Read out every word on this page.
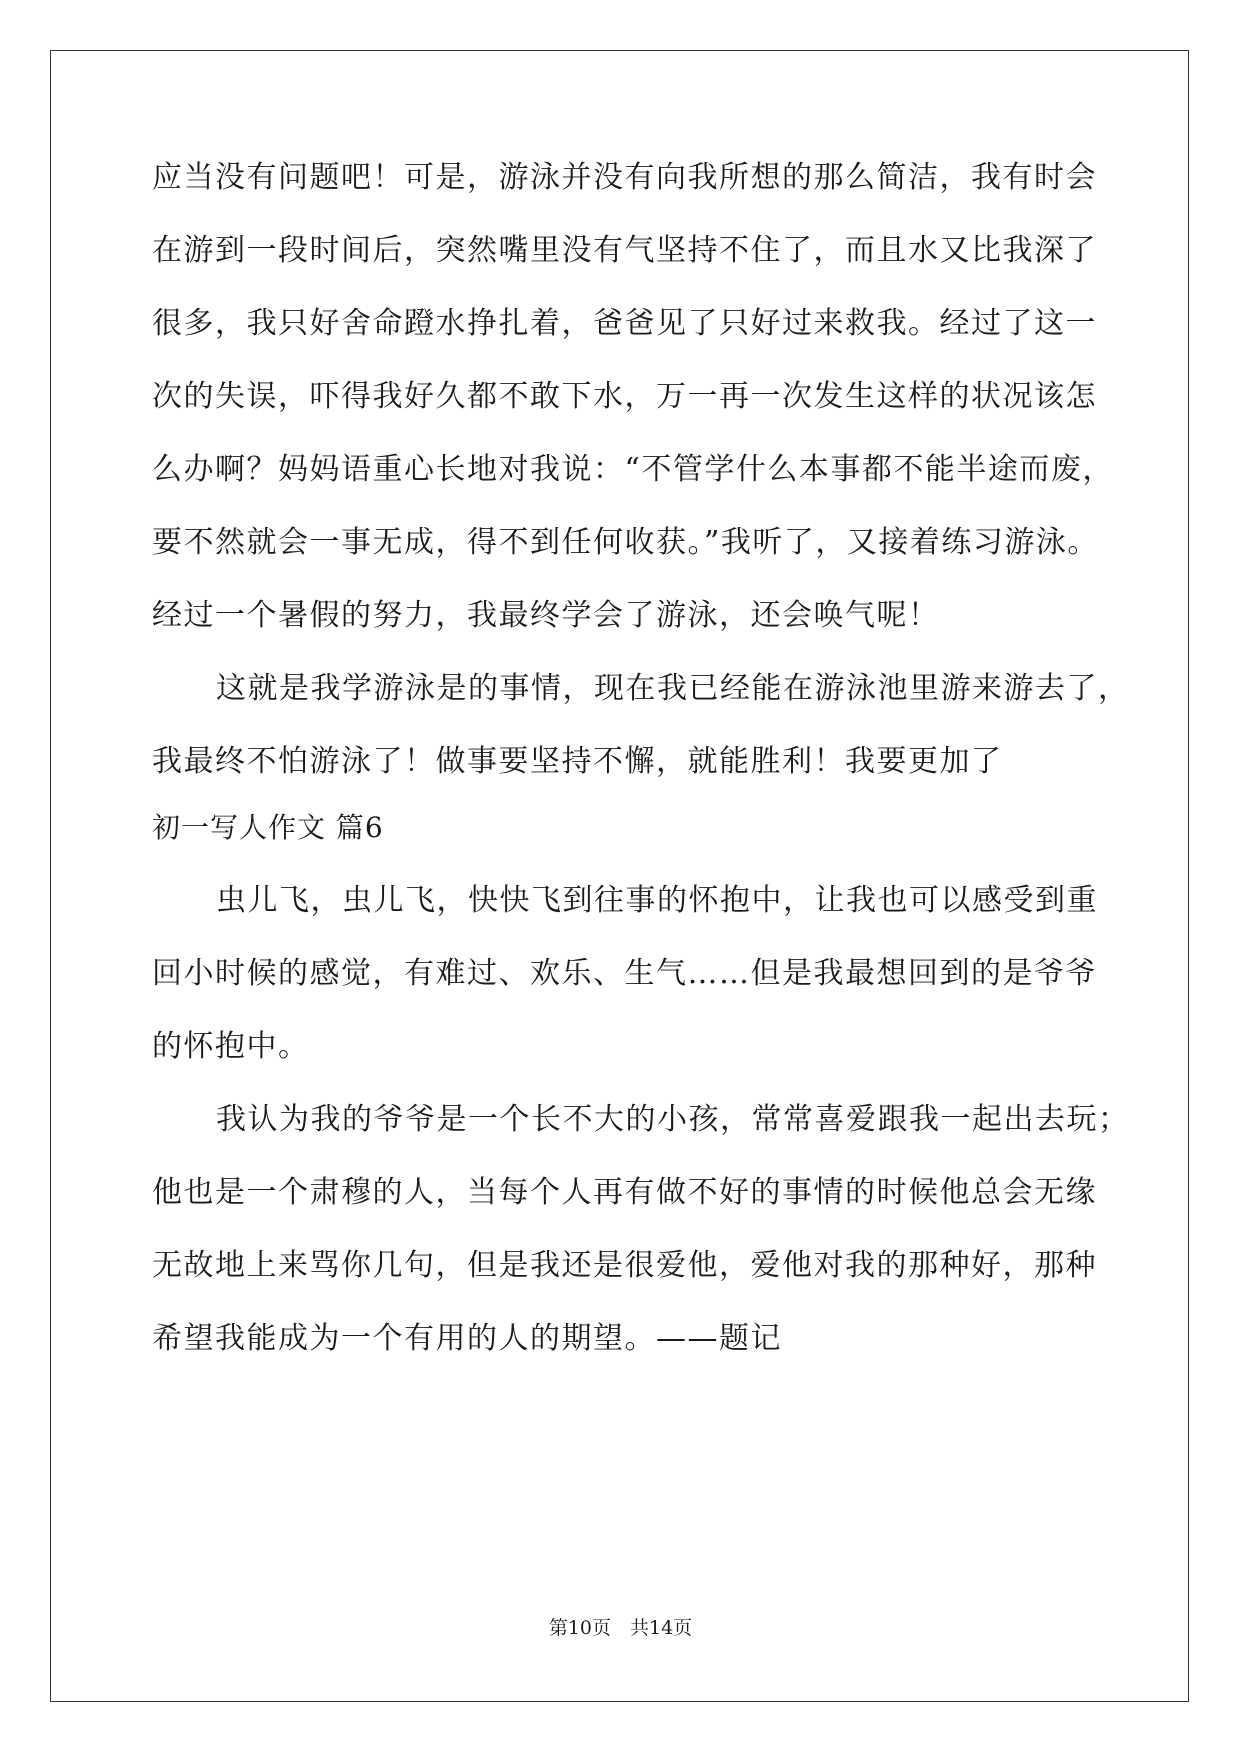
应当没有问题吧！可是，游泳并没有向我所想的那么简洁，我有时会
在游到一段时间后，突然嘴里没有气坚持不住了，而且水又比我深了
很多，我只好舍命蹬水挣扎着，爸爸见了只好过来救我。经过了这一
次的失误，吓得我好久都不敢下水，万一再一次发生这样的状况该怎
么办啊？妈妈语重心长地对我说：“不管学什么本事都不能半途而废，
要不然就会一事无成，得不到任何收获。”我听了，又接着练习游泳。
经过一个暑假的努力，我最终学会了游泳，还会唤气呢！
这就是我学游泳是的事情，现在我已经能在游泳池里游来游去了，
我最终不怕游泳了！做事要坚持不懈，就能胜利！我要更加了
初一写人作文 篇6
虫儿飞，虫儿飞，快快飞到往事的怀抱中，让我也可以感受到重
回小时候的感觉，有难过、欢乐、生气……但是我最想回到的是爷爷
的怀抱中。
我认为我的爷爷是一个长不大的小孩，常常喜爱跟我一起出去玩；
他也是一个肃穆的人，当每个人再有做不好的事情的时候他总会无缘
无故地上来骂你几句，但是我还是很爱他，爱他对我的那种好，那种
希望我能成为一个有用的人的期望。——题记
第10页　共14页
